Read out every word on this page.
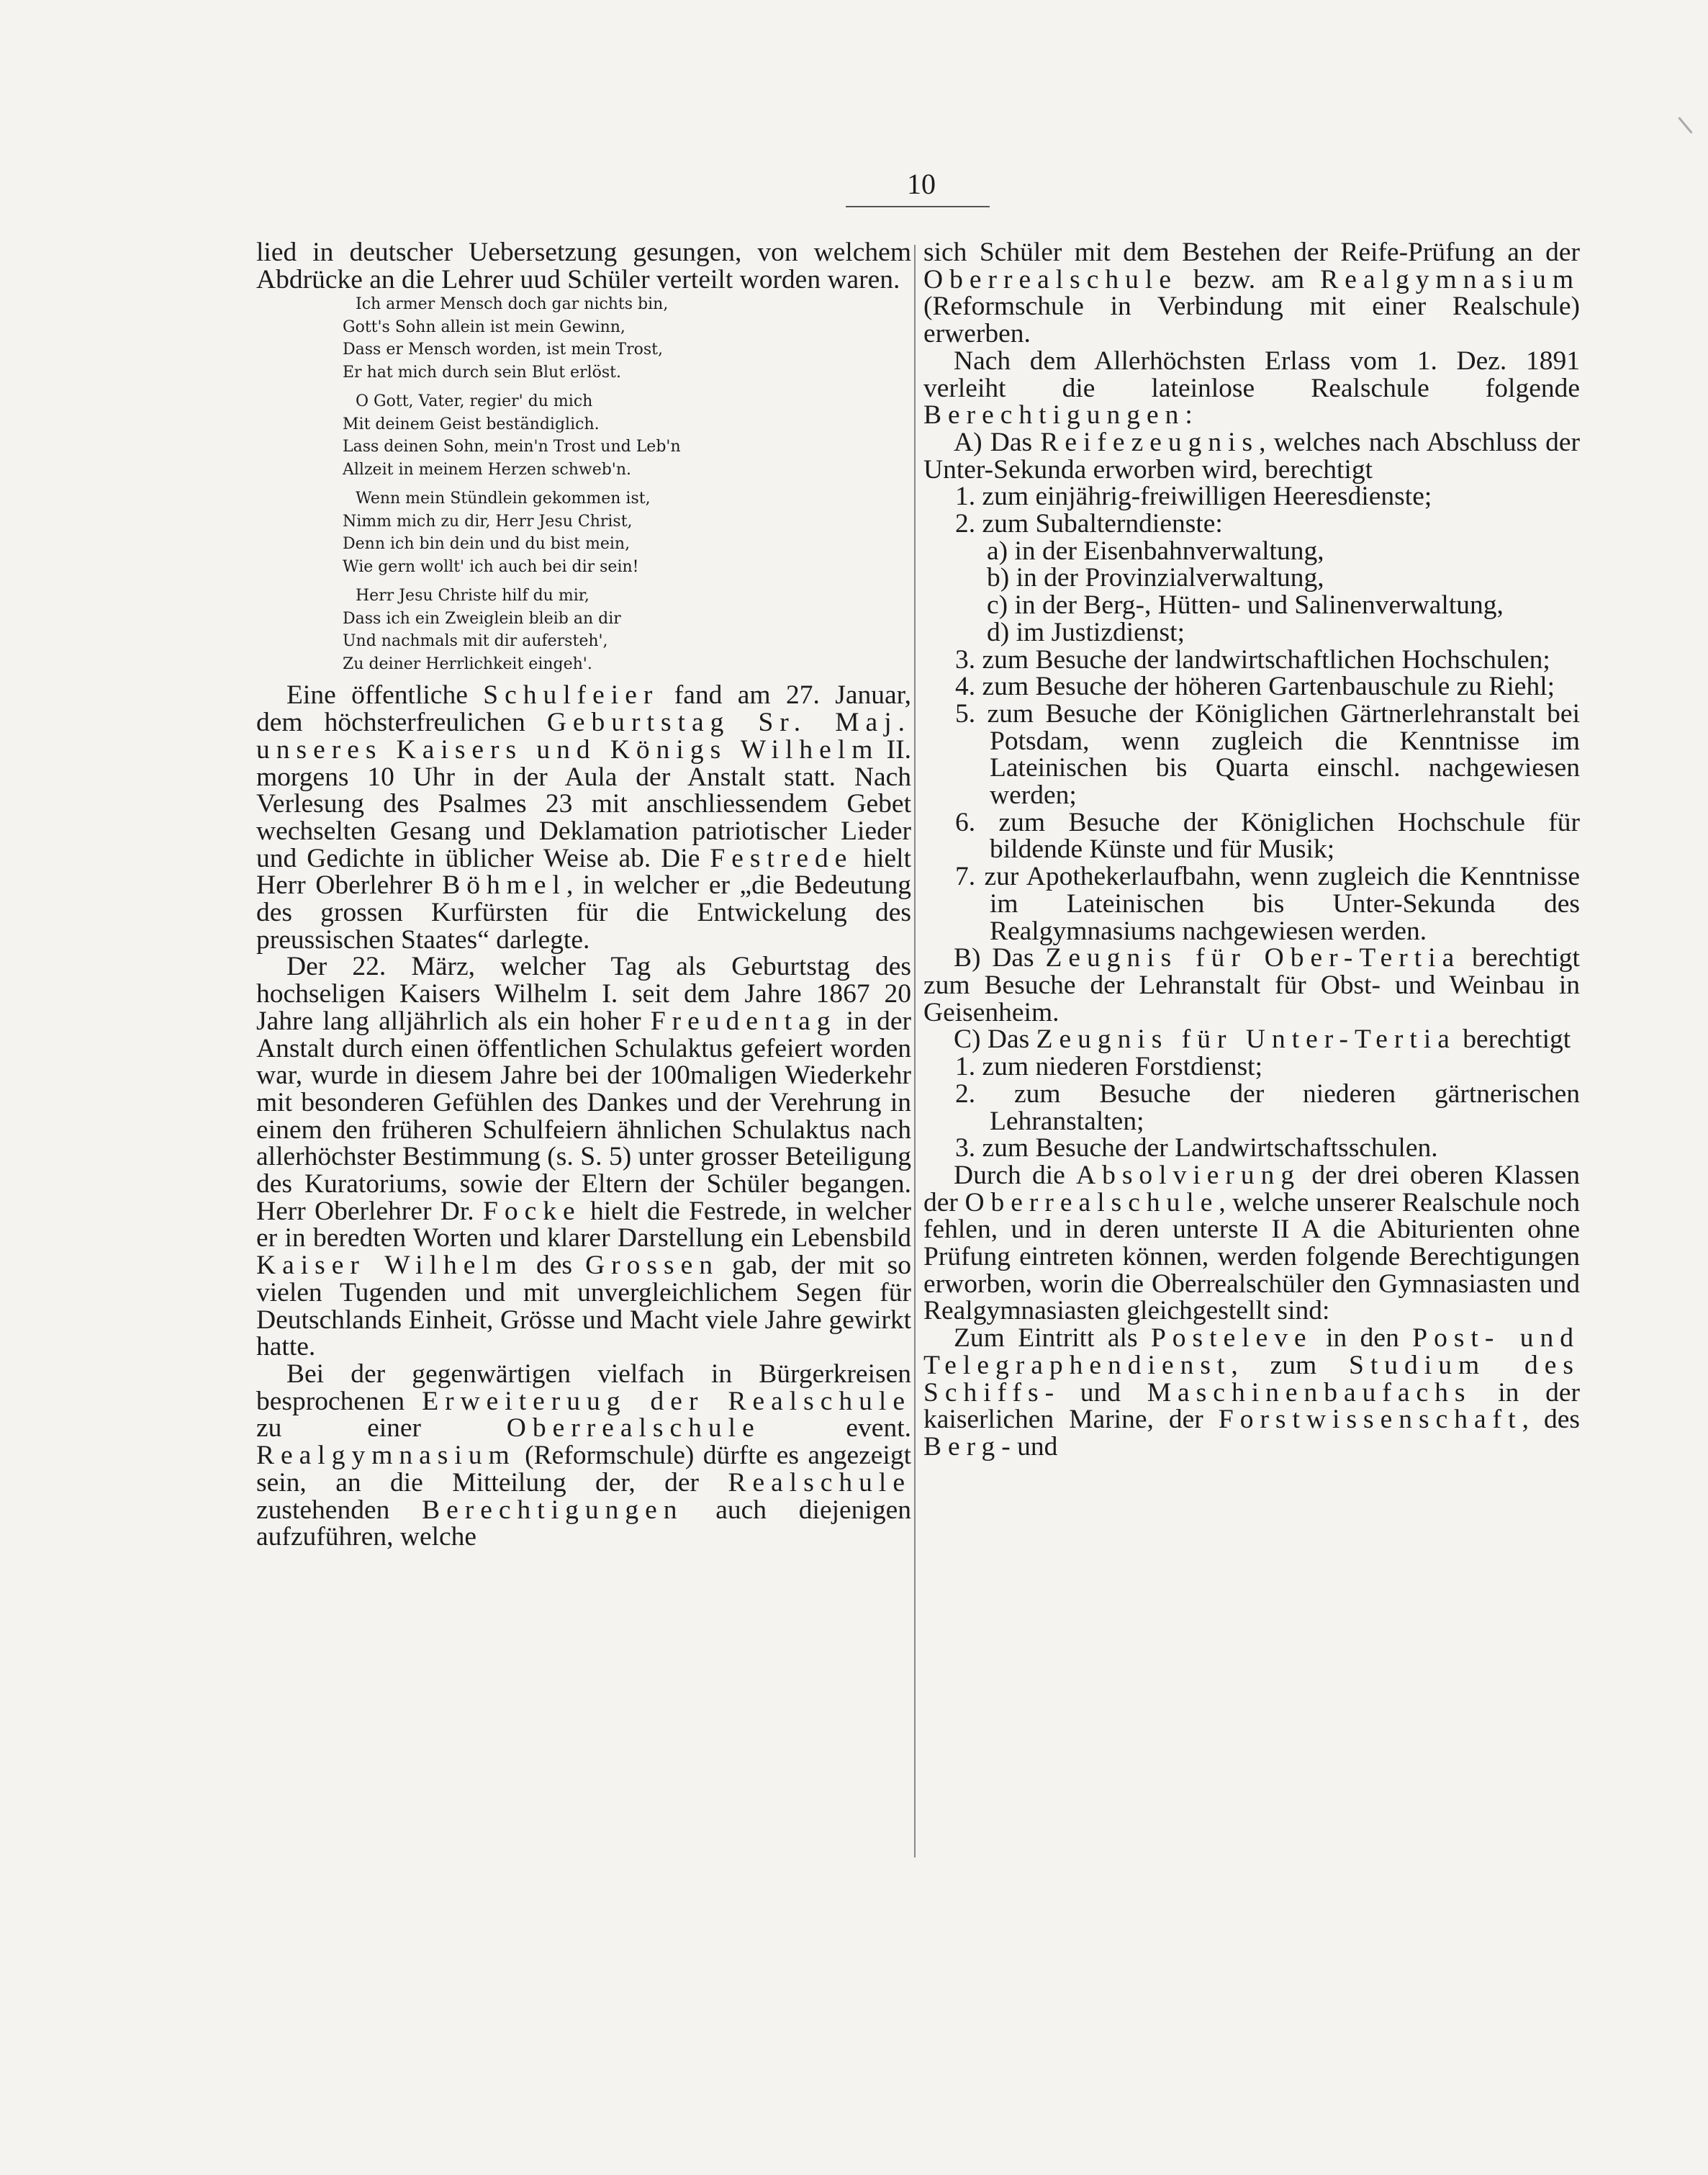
10

lied in deutscher Uebersetzung gesungen, von welchem Abdrücke an die Lehrer uud Schüler verteilt worden waren.

Ich armer Mensch doch gar nichts bin,
Gott's Sohn allein ist mein Gewinn,
Dass er Mensch worden, ist mein Trost,
Er hat mich durch sein Blut erlöst.
O Gott, Vater, regier' du mich
Mit deinem Geist beständiglich.
Lass deinen Sohn, mein'n Trost und Leb'n
Allzeit in meinem Herzen schweb'n.
Wenn mein Stündlein gekommen ist,
Nimm mich zu dir, Herr Jesu Christ,
Denn ich bin dein und du bist mein,
Wie gern wollt' ich auch bei dir sein!
Herr Jesu Christe hilf du mir,
Dass ich ein Zweiglein bleib an dir
Und nachmals mit dir aufersteh',
Zu deiner Herrlichkeit eingeh'.

Eine öffentliche Schulfeier fand am 27. Januar, dem höchsterfreulichen Geburtstag Sr. Maj. unseres Kaisers und Königs Wilhelm II. morgens 10 Uhr in der Aula der Anstalt statt. Nach Verlesung des Psalmes 23 mit anschliessendem Gebet wechselten Gesang und Deklamation patriotischer Lieder und Gedichte in üblicher Weise ab. Die Festrede hielt Herr Oberlehrer Böhmel, in welcher er „die Bedeutung des grossen Kurfürsten für die Entwickelung des preussischen Staates“ darlegte.

Der 22. März, welcher Tag als Geburtstag des hochseligen Kaisers Wilhelm I. seit dem Jahre 1867 20 Jahre lang alljährlich als ein hoher Freudentag in der Anstalt durch einen öffentlichen Schulaktus gefeiert worden war, wurde in diesem Jahre bei der 100maligen Wiederkehr mit besonderen Gefühlen des Dankes und der Verehrung in einem den früheren Schulfeiern ähnlichen Schulaktus nach allerhöchster Bestimmung (s. S. 5) unter grosser Beteiligung des Kuratoriums, sowie der Eltern der Schüler begangen. Herr Oberlehrer Dr. Focke hielt die Festrede, in welcher er in beredten Worten und klarer Darstellung ein Lebensbild Kaiser Wilhelm des Grossen gab, der mit so vielen Tugenden und mit unvergleichlichem Segen für Deutschlands Einheit, Grösse und Macht viele Jahre gewirkt hatte.

Bei der gegenwärtigen vielfach in Bürgerkreisen besprochenen Erweiteruug der Realschule zu einer Oberrealschule event. Realgymnasium (Reformschule) dürfte es angezeigt sein, an die Mitteilung der, der Realschule zustehenden Berechtigungen auch diejenigen aufzuführen, welche

sich Schüler mit dem Bestehen der Reife-Prüfung an der Oberrealschule bezw. am Realgymnasium (Reformschule in Verbindung mit einer Realschule) erwerben.

Nach dem Allerhöchsten Erlass vom 1. Dez. 1891 verleiht die lateinlose Realschule folgende Berechtigungen:

A) Das Reifezeugnis, welches nach Abschluss der Unter-Sekunda erworben wird, berechtigt

1. zum einjährig-freiwilligen Heeresdienste;

2. zum Subalterndienste:

a) in der Eisenbahnverwaltung,

b) in der Provinzialverwaltung,

c) in der Berg-, Hütten- und Salinenverwaltung,

d) im Justizdienst;

3. zum Besuche der landwirtschaftlichen Hochschulen;

4. zum Besuche der höheren Gartenbauschule zu Riehl;

5. zum Besuche der Königlichen Gärtnerlehranstalt bei Potsdam, wenn zugleich die Kenntnisse im Lateinischen bis Quarta einschl. nachgewiesen werden;

6. zum Besuche der Königlichen Hochschule für bildende Künste und für Musik;

7. zur Apothekerlaufbahn, wenn zugleich die Kenntnisse im Lateinischen bis Unter-Sekunda des Realgymnasiums nachgewiesen werden.

B) Das Zeugnis für Ober-Tertia berechtigt zum Besuche der Lehranstalt für Obst- und Weinbau in Geisenheim.

C) Das Zeugnis für Unter-Tertia berechtigt

1. zum niederen Forstdienst;

2. zum Besuche der niederen gärtnerischen Lehranstalten;

3. zum Besuche der Landwirtschaftsschulen.

Durch die Absolvierung der drei oberen Klassen der Oberrealschule, welche unserer Realschule noch fehlen, und in deren unterste II A die Abiturienten ohne Prüfung eintreten können, werden folgende Berechtigungen erworben, worin die Oberrealschüler den Gymnasiasten und Realgymnasiasten gleichgestellt sind:

Zum Eintritt als Posteleve in den Post- und Telegraphendienst, zum Studium des Schiffs- und Maschinenbaufachs in der kaiserlichen Marine, der Forstwissenschaft, des Berg- und
